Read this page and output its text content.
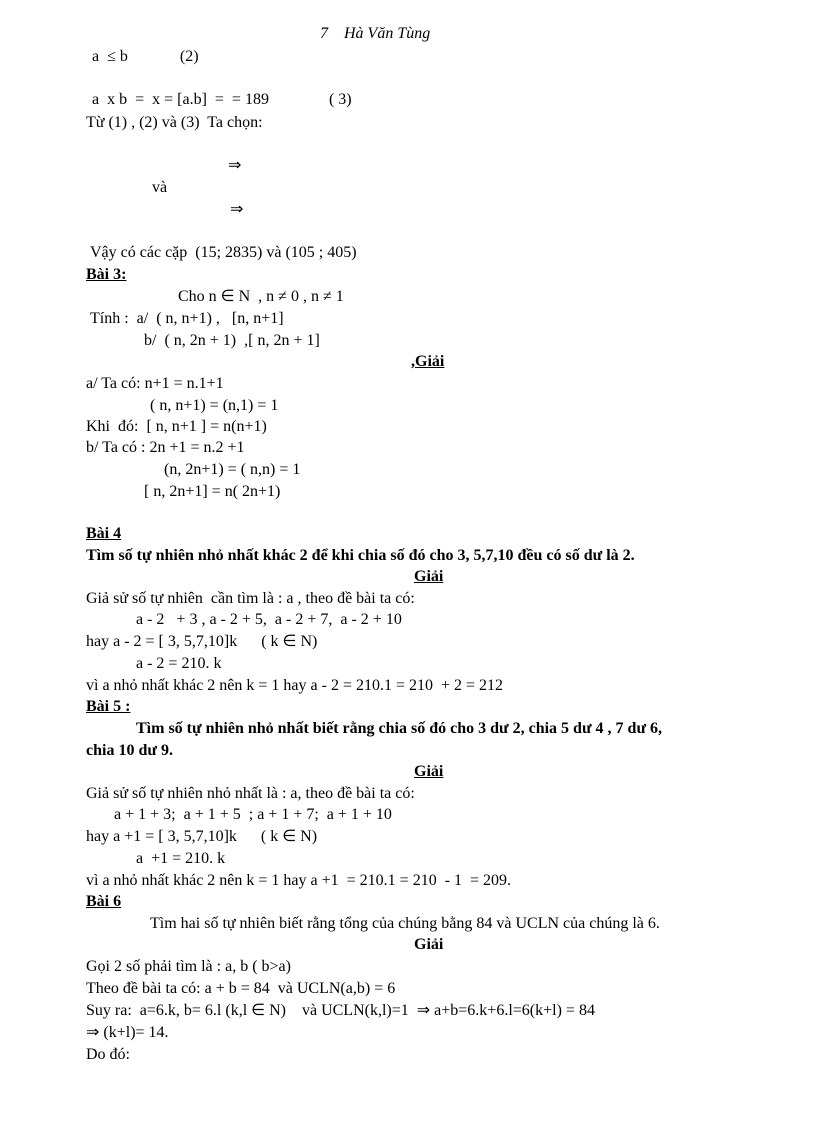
7 Hà Văn Tùng
a  ≤ b             (2)
a  x b  =  x = [a.b]  =  = 189               ( 3)
Từ (1) , (2) và (3)  Ta chọn:
⇒
và
⇒
Vậy có các cặp  (15; 2835) và (105 ; 405)
Bài 3:
Cho n ∈ N  , n ≠ 0 , n ≠ 1
Tính :  a/  ( n, n+1) ,   [n, n+1]
b/  ( n, 2n + 1)  ,[ n, 2n + 1]
,Giải
a/ Ta có: n+1 = n.1+1
( n, n+1) = (n,1) = 1
Khi  đó:  [ n, n+1 ] = n(n+1)
b/ Ta có : 2n +1 = n.2 +1
(n, 2n+1) = ( n,n) = 1
[ n, 2n+1] = n( 2n+1)
Bài 4
Tìm số tự nhiên nhỏ nhất khác 2 để khi chia số đó cho 3, 5,7,10 đều có số dư là 2.
Giải
Giả sử số tự nhiên  cần tìm là : a , theo đề bài ta có:
a - 2   + 3 , a - 2 + 5,  a - 2 + 7,  a - 2 + 10
hay a - 2 = [ 3, 5,7,10]k      ( k ∈ N)
a - 2 = 210. k
vì a nhỏ nhất khác 2 nên k = 1 hay a - 2 = 210.1 = 210  + 2 = 212
Bài 5 :
Tìm số tự nhiên nhỏ nhất biết rằng chia số đó cho 3 dư 2, chia 5 dư 4 , 7 dư 6,
chia 10 dư 9.
Giải
Giả sử số tự nhiên nhỏ nhất là : a, theo đề bài ta có:
a + 1 + 3;  a + 1 + 5  ; a + 1 + 7;  a + 1 + 10
hay a +1 = [ 3, 5,7,10]k      ( k ∈ N)
a  +1 = 210. k
vì a nhỏ nhất khác 2 nên k = 1 hay a +1  = 210.1 = 210  - 1  = 209.
Bài 6
Tìm hai số tự nhiên biết rằng tổng của chúng bằng 84 và UCLN của chúng là 6.
Giải
Gọi 2 số phải tìm là : a, b ( b>a)
Theo đề bài ta có: a + b = 84  và UCLN(a,b) = 6
Suy ra:  a=6.k, b= 6.l (k,l ∈ N)    và UCLN(k,l)=1  ⇒ a+b=6.k+6.l=6(k+l) = 84
⇒ (k+l)= 14.
Do đó:
